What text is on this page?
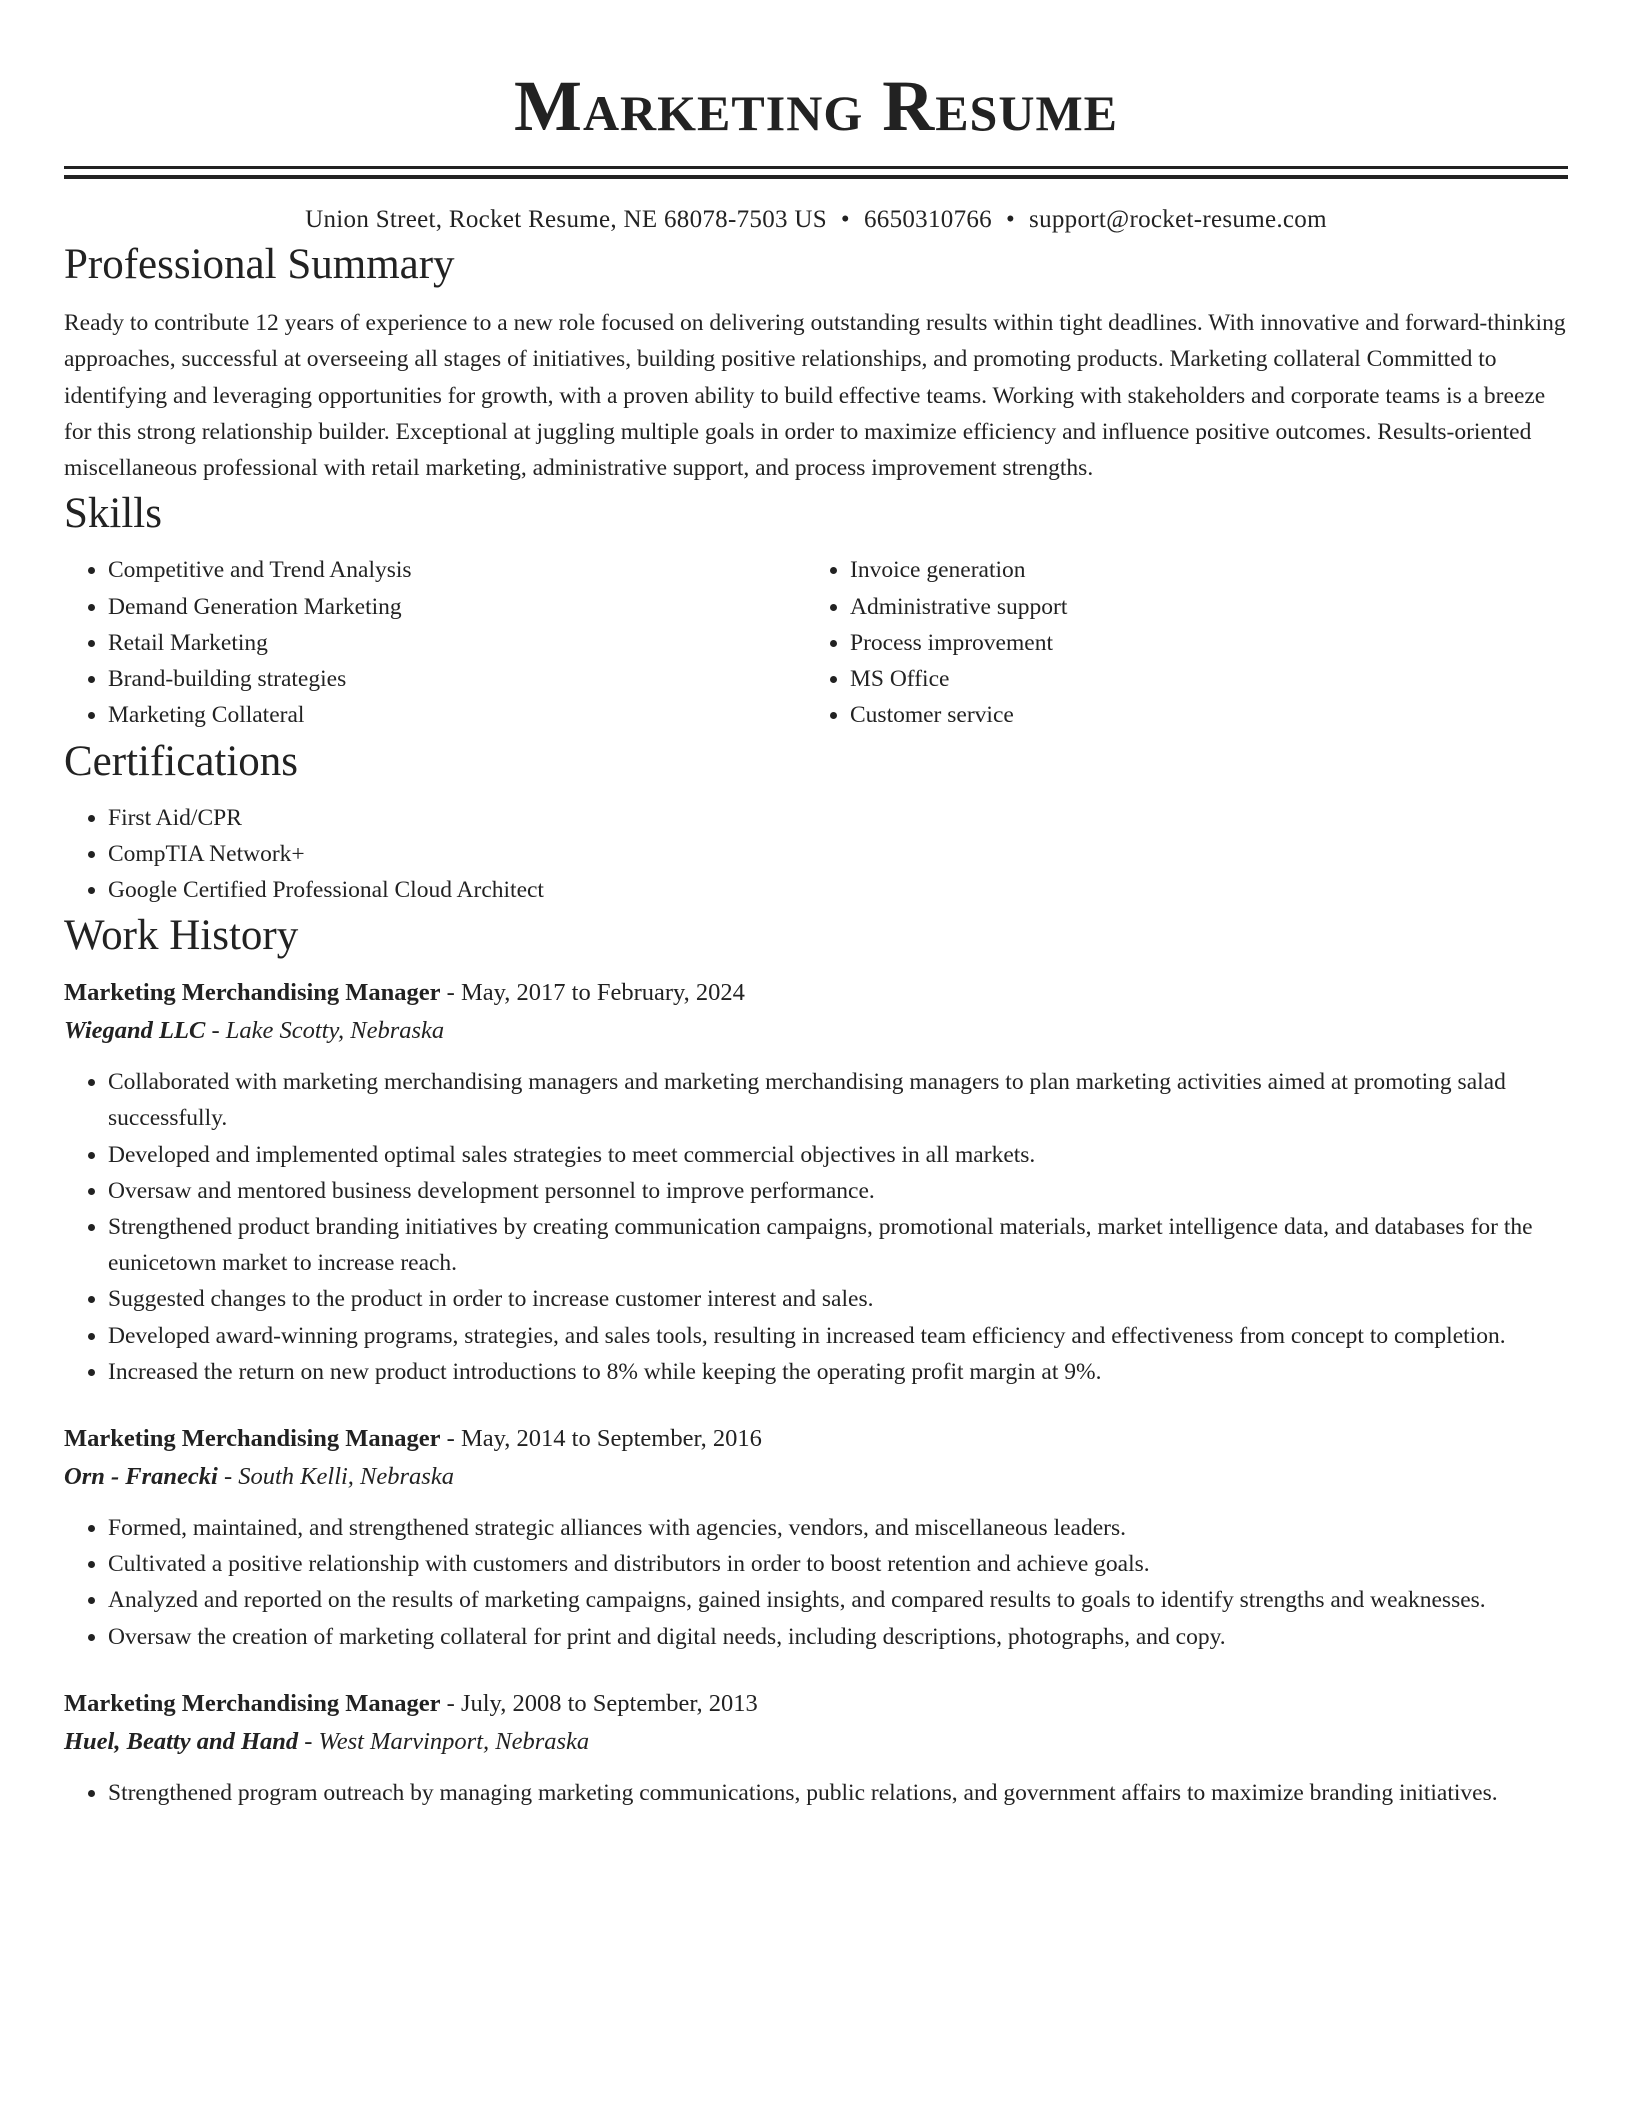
Marketing Resume
Union Street, Rocket Resume, NE 68078-7503 US • 6650310766 • support@rocket-resume.com
Professional Summary
Ready to contribute 12 years of experience to a new role focused on delivering outstanding results within tight deadlines. With innovative and forward-thinking approaches, successful at overseeing all stages of initiatives, building positive relationships, and promoting products. Marketing collateral Committed to identifying and leveraging opportunities for growth, with a proven ability to build effective teams. Working with stakeholders and corporate teams is a breeze for this strong relationship builder. Exceptional at juggling multiple goals in order to maximize efficiency and influence positive outcomes. Results-oriented miscellaneous professional with retail marketing, administrative support, and process improvement strengths.
Skills
• Competitive and Trend Analysis
• Demand Generation Marketing
• Retail Marketing
• Brand-building strategies
• Marketing Collateral
• Invoice generation
• Administrative support
• Process improvement
• MS Office
• Customer service
Certifications
• First Aid/CPR
• CompTIA Network+
• Google Certified Professional Cloud Architect
Work History
Marketing Merchandising Manager - May, 2017 to February, 2024
Wiegand LLC - Lake Scotty, Nebraska
• Collaborated with marketing merchandising managers and marketing merchandising managers to plan marketing activities aimed at promoting salad successfully.
• Developed and implemented optimal sales strategies to meet commercial objectives in all markets.
• Oversaw and mentored business development personnel to improve performance.
• Strengthened product branding initiatives by creating communication campaigns, promotional materials, market intelligence data, and databases for the eunicetown market to increase reach.
• Suggested changes to the product in order to increase customer interest and sales.
• Developed award-winning programs, strategies, and sales tools, resulting in increased team efficiency and effectiveness from concept to completion.
• Increased the return on new product introductions to 8% while keeping the operating profit margin at 9%.
Marketing Merchandising Manager - May, 2014 to September, 2016
Orn - Franecki - South Kelli, Nebraska
• Formed, maintained, and strengthened strategic alliances with agencies, vendors, and miscellaneous leaders.
• Cultivated a positive relationship with customers and distributors in order to boost retention and achieve goals.
• Analyzed and reported on the results of marketing campaigns, gained insights, and compared results to goals to identify strengths and weaknesses.
• Oversaw the creation of marketing collateral for print and digital needs, including descriptions, photographs, and copy.
Marketing Merchandising Manager - July, 2008 to September, 2013
Huel, Beatty and Hand - West Marvinport, Nebraska
• Strengthened program outreach by managing marketing communications, public relations, and government affairs to maximize branding initiatives.
